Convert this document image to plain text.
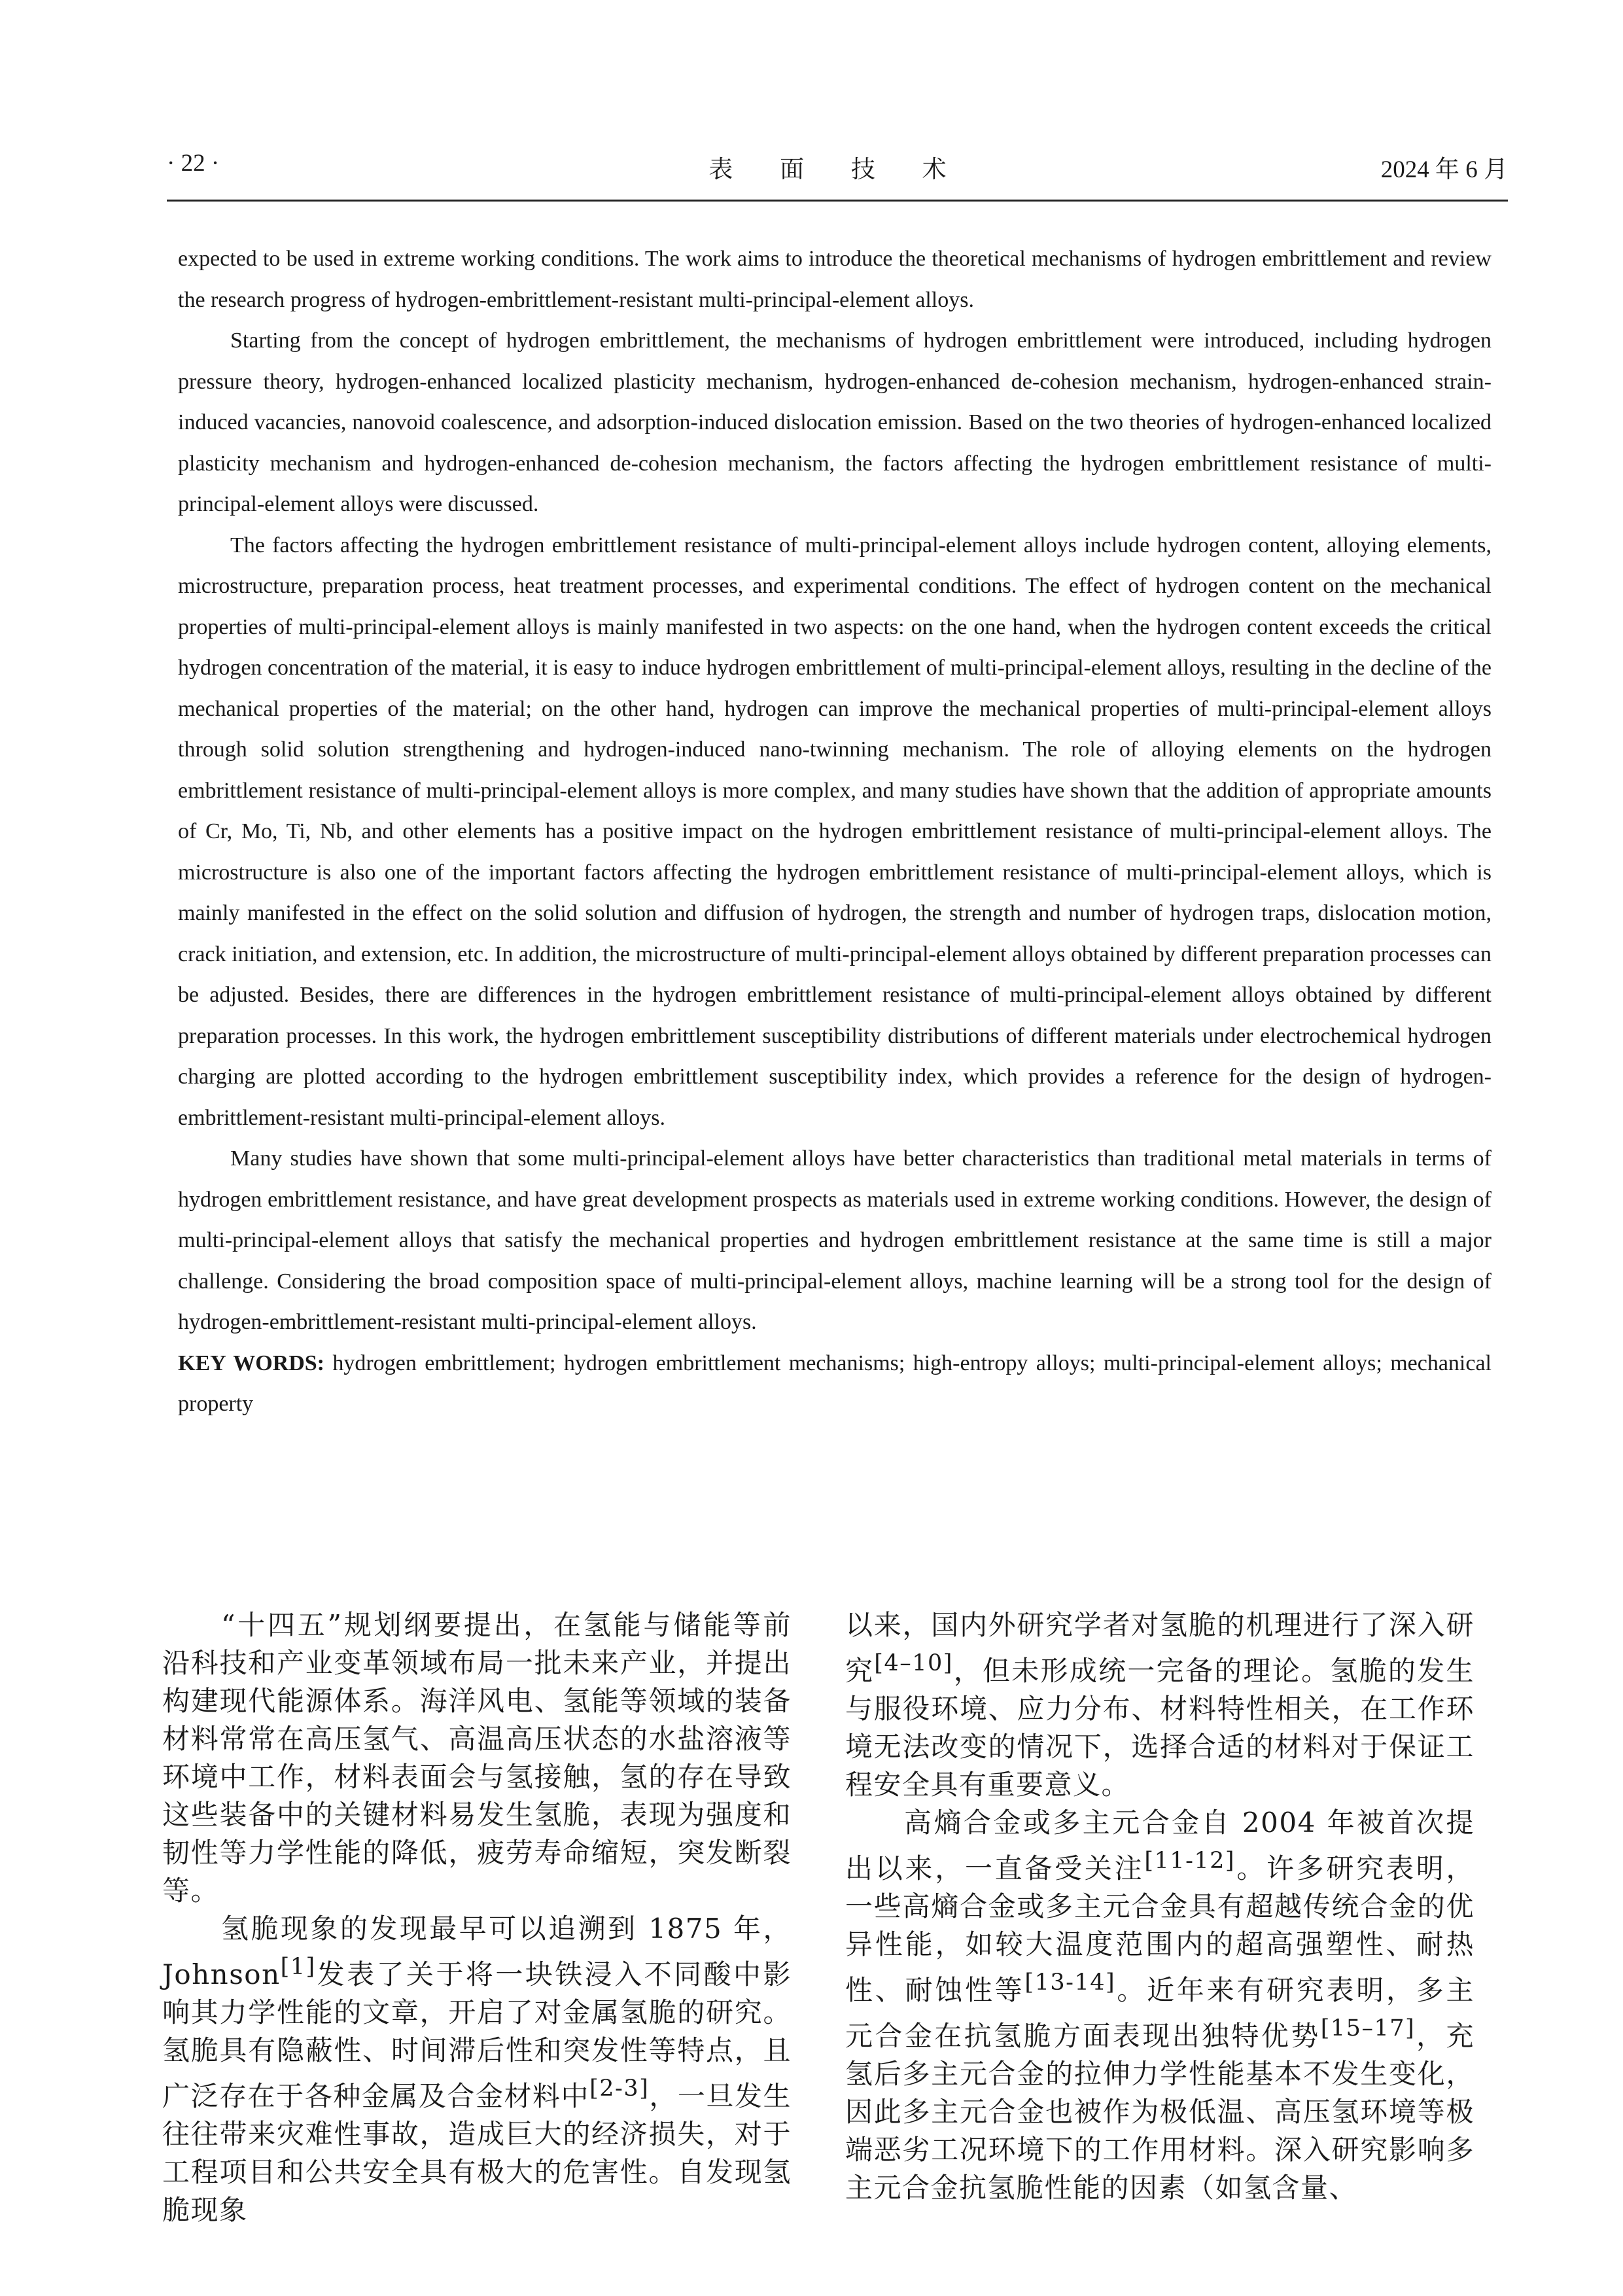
· 22 ·	表 面 技 术	2024 年 6 月

expected to be used in extreme working conditions. The work aims to introduce the theoretical mechanisms of hydrogen embrittlement and review the research progress of hydrogen-embrittlement-resistant multi-principal-element alloys.

Starting from the concept of hydrogen embrittlement, the mechanisms of hydrogen embrittlement were introduced, including hydrogen pressure theory, hydrogen-enhanced localized plasticity mechanism, hydrogen-enhanced de-cohesion mechanism, hydrogen-enhanced strain-induced vacancies, nanovoid coalescence, and adsorption-induced dislocation emission. Based on the two theories of hydrogen-enhanced localized plasticity mechanism and hydrogen-enhanced de-cohesion mechanism, the factors affecting the hydrogen embrittlement resistance of multi-principal-element alloys were discussed.

The factors affecting the hydrogen embrittlement resistance of multi-principal-element alloys include hydrogen content, alloying elements, microstructure, preparation process, heat treatment processes, and experimental conditions. The effect of hydrogen content on the mechanical properties of multi-principal-element alloys is mainly manifested in two aspects: on the one hand, when the hydrogen content exceeds the critical hydrogen concentration of the material, it is easy to induce hydrogen embrittlement of multi-principal-element alloys, resulting in the decline of the mechanical properties of the material; on the other hand, hydrogen can improve the mechanical properties of multi-principal-element alloys through solid solution strengthening and hydrogen-induced nano-twinning mechanism. The role of alloying elements on the hydrogen embrittlement resistance of multi-principal-element alloys is more complex, and many studies have shown that the addition of appropriate amounts of Cr, Mo, Ti, Nb, and other elements has a positive impact on the hydrogen embrittlement resistance of multi-principal-element alloys. The microstructure is also one of the important factors affecting the hydrogen embrittlement resistance of multi-principal-element alloys, which is mainly manifested in the effect on the solid solution and diffusion of hydrogen, the strength and number of hydrogen traps, dislocation motion, crack initiation, and extension, etc. In addition, the microstructure of multi-principal-element alloys obtained by different preparation processes can be adjusted. Besides, there are differences in the hydrogen embrittlement resistance of multi-principal-element alloys obtained by different preparation processes. In this work, the hydrogen embrittlement susceptibility distributions of different materials under electrochemical hydrogen charging are plotted according to the hydrogen embrittlement susceptibility index, which provides a reference for the design of hydrogen-embrittlement-resistant multi-principal-element alloys.

Many studies have shown that some multi-principal-element alloys have better characteristics than traditional metal materials in terms of hydrogen embrittlement resistance, and have great development prospects as materials used in extreme working conditions. However, the design of multi-principal-element alloys that satisfy the mechanical properties and hydrogen embrittlement resistance at the same time is still a major challenge. Considering the broad composition space of multi-principal-element alloys, machine learning will be a strong tool for the design of hydrogen-embrittlement-resistant multi-principal-element alloys.

KEY WORDS: hydrogen embrittlement; hydrogen embrittlement mechanisms; high-entropy alloys; multi-principal-element alloys; mechanical property

“十四五”规划纲要提出，在氢能与储能等前沿科技和产业变革领域布局一批未来产业，并提出构建现代能源体系。海洋风电、氢能等领域的装备材料常常在高压氢气、高温高压状态的水盐溶液等环境中工作，材料表面会与氢接触，氢的存在导致这些装备中的关键材料易发生氢脆，表现为强度和韧性等力学性能的降低，疲劳寿命缩短，突发断裂等。

氢脆现象的发现最早可以追溯到 1875 年，Johnson[1]发表了关于将一块铁浸入不同酸中影响其力学性能的文章，开启了对金属氢脆的研究。氢脆具有隐蔽性、时间滞后性和突发性等特点，且广泛存在于各种金属及合金材料中[2-3]，一旦发生往往带来灾难性事故，造成巨大的经济损失，对于工程项目和公共安全具有极大的危害性。自发现氢脆现象

以来，国内外研究学者对氢脆的机理进行了深入研究[4–10]，但未形成统一完备的理论。氢脆的发生与服役环境、应力分布、材料特性相关，在工作环境无法改变的情况下，选择合适的材料对于保证工程安全具有重要意义。

高熵合金或多主元合金自 2004 年被首次提出以来，一直备受关注[11-12]。许多研究表明，一些高熵合金或多主元合金具有超越传统合金的优异性能，如较大温度范围内的超高强塑性、耐热性、耐蚀性等[13-14]。近年来有研究表明，多主元合金在抗氢脆方面表现出独特优势[15–17]，充氢后多主元合金的拉伸力学性能基本不发生变化，因此多主元合金也被作为极低温、高压氢环境等极端恶劣工况环境下的工作用材料。深入研究影响多主元合金抗氢脆性能的因素（如氢含量、
